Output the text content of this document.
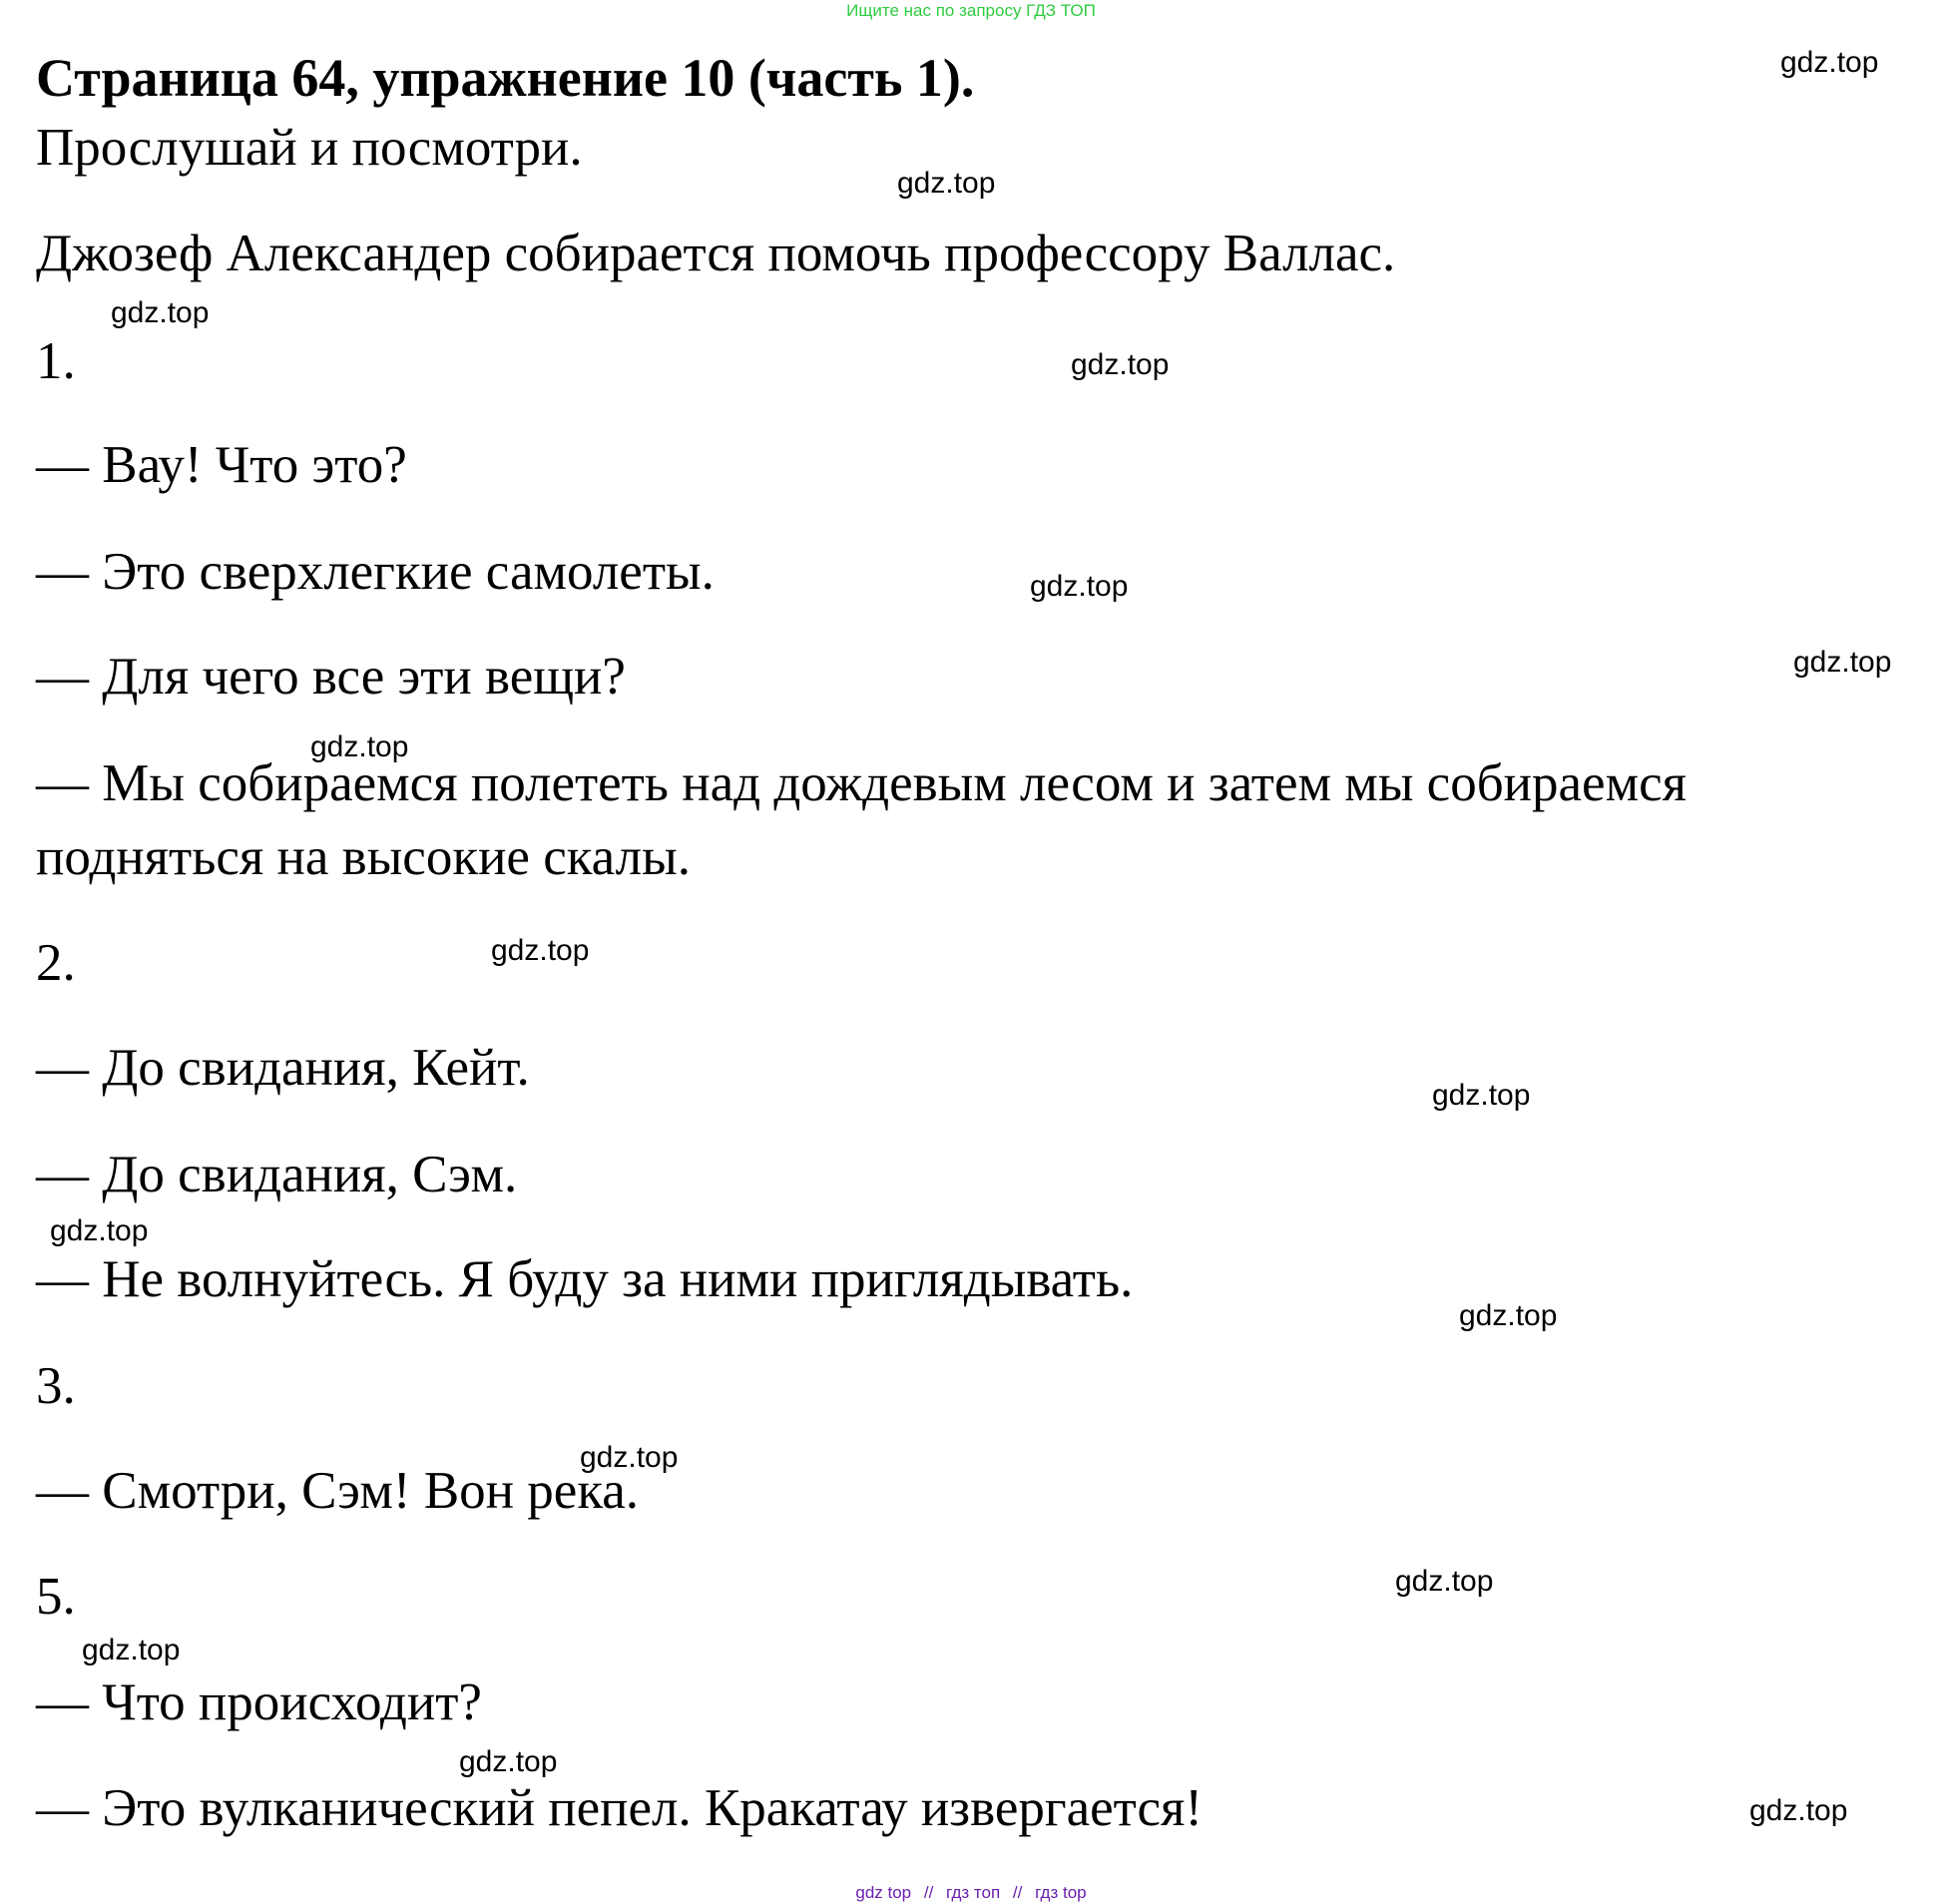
Ищите нас по запросу ГДЗ ТОП
Страница 64, упражнение 10 (часть 1).
Прослушай и посмотри.
Джозеф Александер собирается помочь профессору Валлас.
1.
— Вау! Что это?
— Это сверхлегкие самолеты.
— Для чего все эти вещи?
— Мы собираемся полететь над дождевым лесом и затем мы собираемся
подняться на высокие скалы.
2.
— До свидания, Кейт.
— До свидания, Сэм.
— Не волнуйтесь. Я буду за ними приглядывать.
3.
— Смотри, Сэм! Вон река.
5.
— Что происходит?
— Это вулканический пепел. Кракатау извергается!
gdz.top
gdz.top
gdz.top
gdz.top
gdz.top
gdz.top
gdz.top
gdz.top
gdz.top
gdz.top
gdz.top
gdz.top
gdz.top
gdz.top
gdz.top
gdz.top
gdz top // гдз топ // гдз top
